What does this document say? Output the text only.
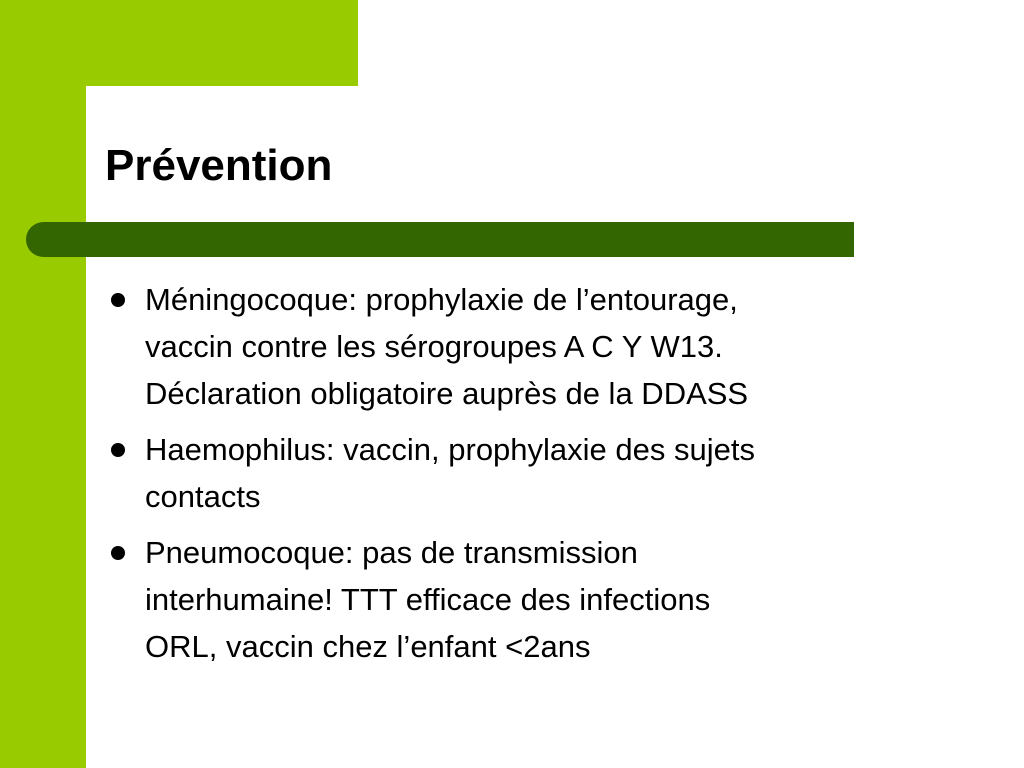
Prévention
Méningocoque: prophylaxie de l’entourage,
vaccin contre les sérogroupes A C Y W13.
Déclaration obligatoire auprès de la DDASS
Haemophilus: vaccin, prophylaxie des sujets
contacts
Pneumocoque: pas de transmission
interhumaine! TTT efficace des infections
ORL, vaccin chez l’enfant <2ans
